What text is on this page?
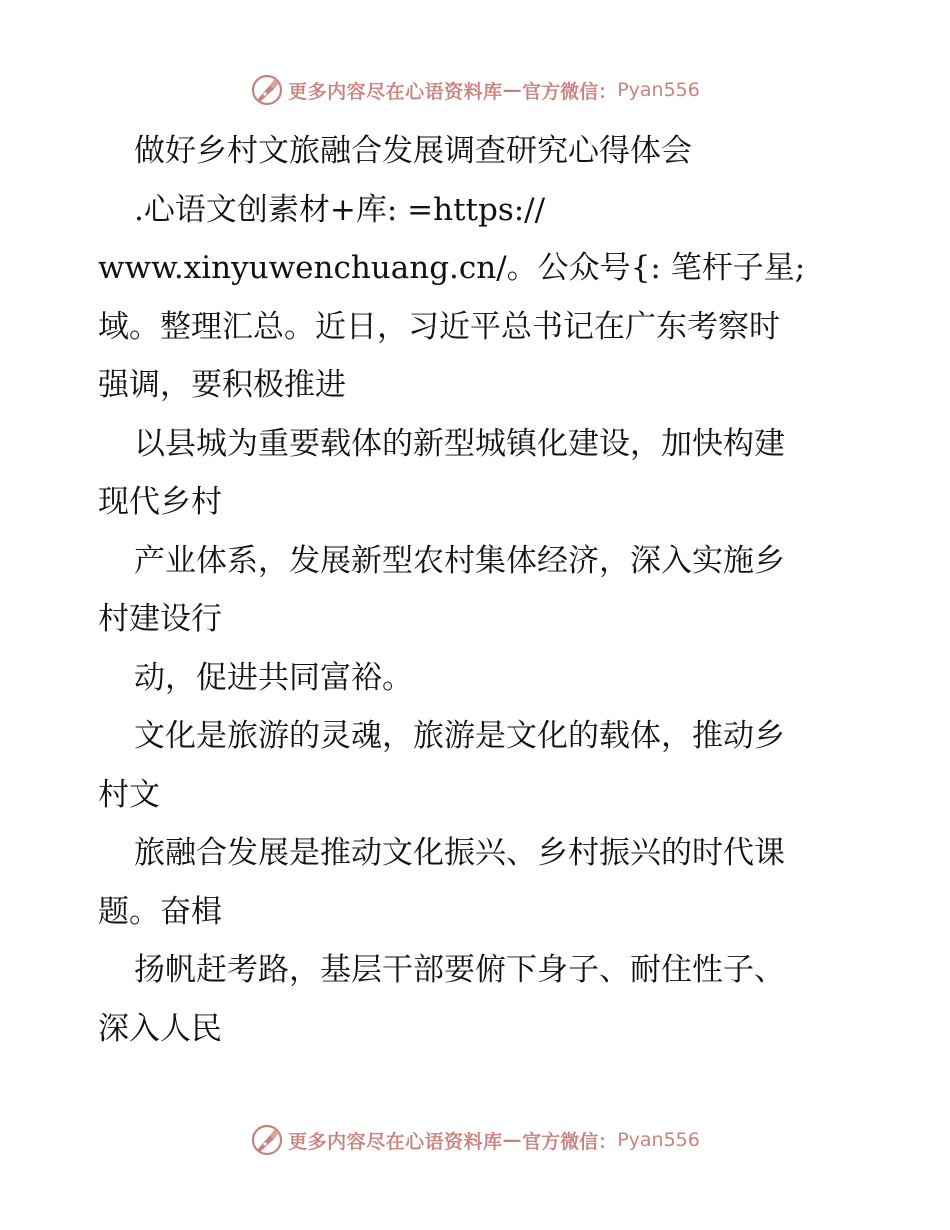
更多内容尽在心语资料库 — 官方微信： Pyan556
做好乡村文旅融合发展调查研究心得体会
.心语文创素材+库: =https://
www.xinyuwenchuang.cn/。公众号{: 笔杆子星;
域。整理汇总。近日，习近平总书记在广东考察时
强调，要积极推进
以县城为重要载体的新型城镇化建设，加快构建
现代乡村
产业体系，发展新型农村集体经济，深入实施乡
村建设行
动，促进共同富裕。
文化是旅游的灵魂，旅游是文化的载体，推动乡
村文
旅融合发展是推动文化振兴、乡村振兴的时代课
题。奋楫
扬帆赶考路，基层干部要俯下身子、耐住性子、
深入人民
更多内容尽在心语资料库 — 官方微信： Pyan556
